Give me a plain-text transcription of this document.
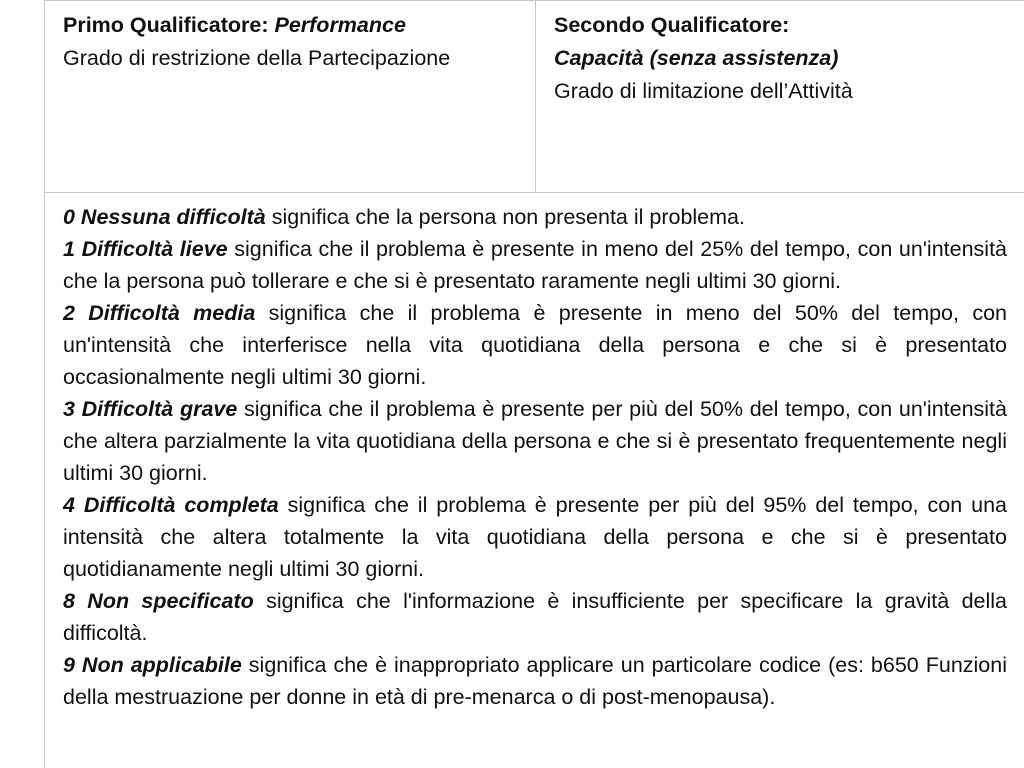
Primo Qualificatore: Performance
Grado di restrizione della Partecipazione
Secondo Qualificatore:
Capacità (senza assistenza)
Grado di limitazione dell’Attività

0 Nessuna difficoltà significa che la persona non presenta il problema.

1 Difficoltà lieve significa che il problema è presente in meno del 25% del tempo, con un'intensità che la persona può tollerare e che si è presentato raramente negli ultimi 30 giorni.

2 Difficoltà media significa che il problema è presente in meno del 50% del tempo, con un'intensità che interferisce nella vita quotidiana della persona e che si è presentato occasionalmente negli ultimi 30 giorni.

3 Difficoltà grave significa che il problema è presente per più del 50% del tempo, con un'intensità che altera parzialmente la vita quotidiana della persona e che si è presentato frequentemente negli ultimi 30 giorni.

4 Difficoltà completa significa che il problema è presente per più del 95% del tempo, con una intensità che altera totalmente la vita quotidiana della persona e che si è presentato quotidianamente negli ultimi 30 giorni.

8 Non specificato significa che l'informazione è insufficiente per specificare la gravità della difficoltà.

9 Non applicabile significa che è inappropriato applicare un particolare codice (es: b650 Funzioni della mestruazione per donne in età di pre-menarca o di post-menopausa).
